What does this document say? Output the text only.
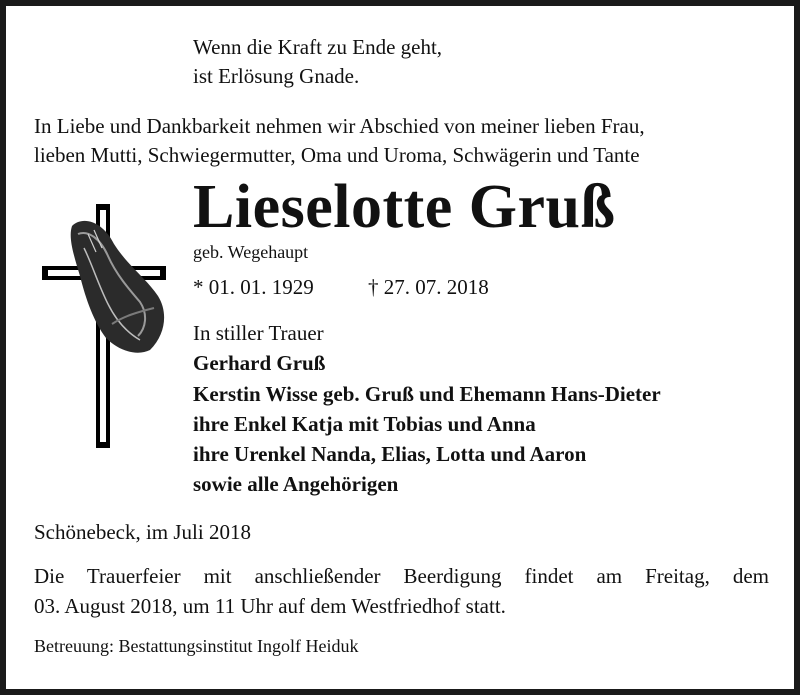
Wenn die Kraft zu Ende geht,
ist Erlösung Gnade.
In Liebe und Dankbarkeit nehmen wir Abschied von meiner lieben Frau,
lieben Mutti, Schwiegermutter, Oma und Uroma, Schwägerin und Tante
Lieselotte Gruß
geb. Wegehaupt
* 01. 01. 1929	† 27. 07. 2018
In stiller Trauer
Gerhard Gruß
Kerstin Wisse geb. Gruß und Ehemann Hans-Dieter
ihre Enkel Katja mit Tobias und Anna
ihre Urenkel Nanda, Elias, Lotta und Aaron
sowie alle Angehörigen
Schönebeck, im Juli 2018
Die Trauerfeier mit anschließender Beerdigung findet am Freitag, dem
03. August 2018, um 11 Uhr auf dem Westfriedhof statt.
Betreuung: Bestattungsinstitut Ingolf Heiduk
